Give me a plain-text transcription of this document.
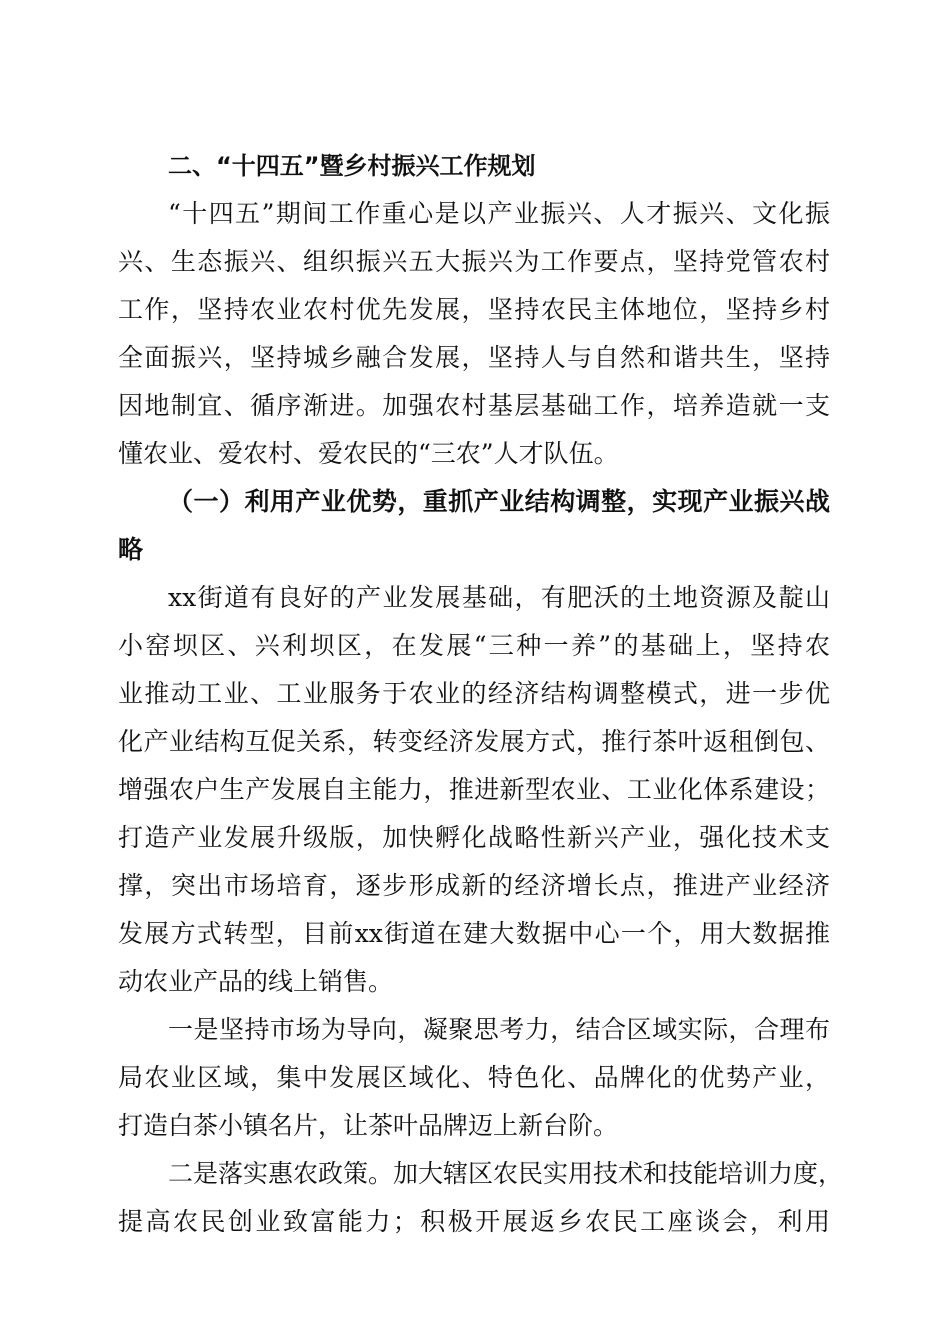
二、“十四五”暨乡村振兴工作规划
“十四五”期间工作重心是以产业振兴、人才振兴、文化振
兴、生态振兴、组织振兴五大振兴为工作要点，坚持党管农村
工作，坚持农业农村优先发展，坚持农民主体地位，坚持乡村
全面振兴，坚持城乡融合发展，坚持人与自然和谐共生，坚持
因地制宜、循序渐进。加强农村基层基础工作，培养造就一支
懂农业、爱农村、爱农民的“三农”人才队伍。
（一）利用产业优势，重抓产业结构调整，实现产业振兴战
略
xx街道有良好的产业发展基础，有肥沃的土地资源及靛山
小窑坝区、兴利坝区，在发展“三种一养”的基础上，坚持农
业推动工业、工业服务于农业的经济结构调整模式，进一步优
化产业结构互促关系，转变经济发展方式，推行茶叶返租倒包、
增强农户生产发展自主能力，推进新型农业、工业化体系建设；
打造产业发展升级版，加快孵化战略性新兴产业，强化技术支
撑，突出市场培育，逐步形成新的经济增长点，推进产业经济
发展方式转型，目前xx街道在建大数据中心一个，用大数据推
动农业产品的线上销售。
一是坚持市场为导向，凝聚思考力，结合区域实际，合理布
局农业区域，集中发展区域化、特色化、品牌化的优势产业，
打造白茶小镇名片，让茶叶品牌迈上新台阶。
二是落实惠农政策。加大辖区农民实用技术和技能培训力度，
提高农民创业致富能力；积极开展返乡农民工座谈会，利用
